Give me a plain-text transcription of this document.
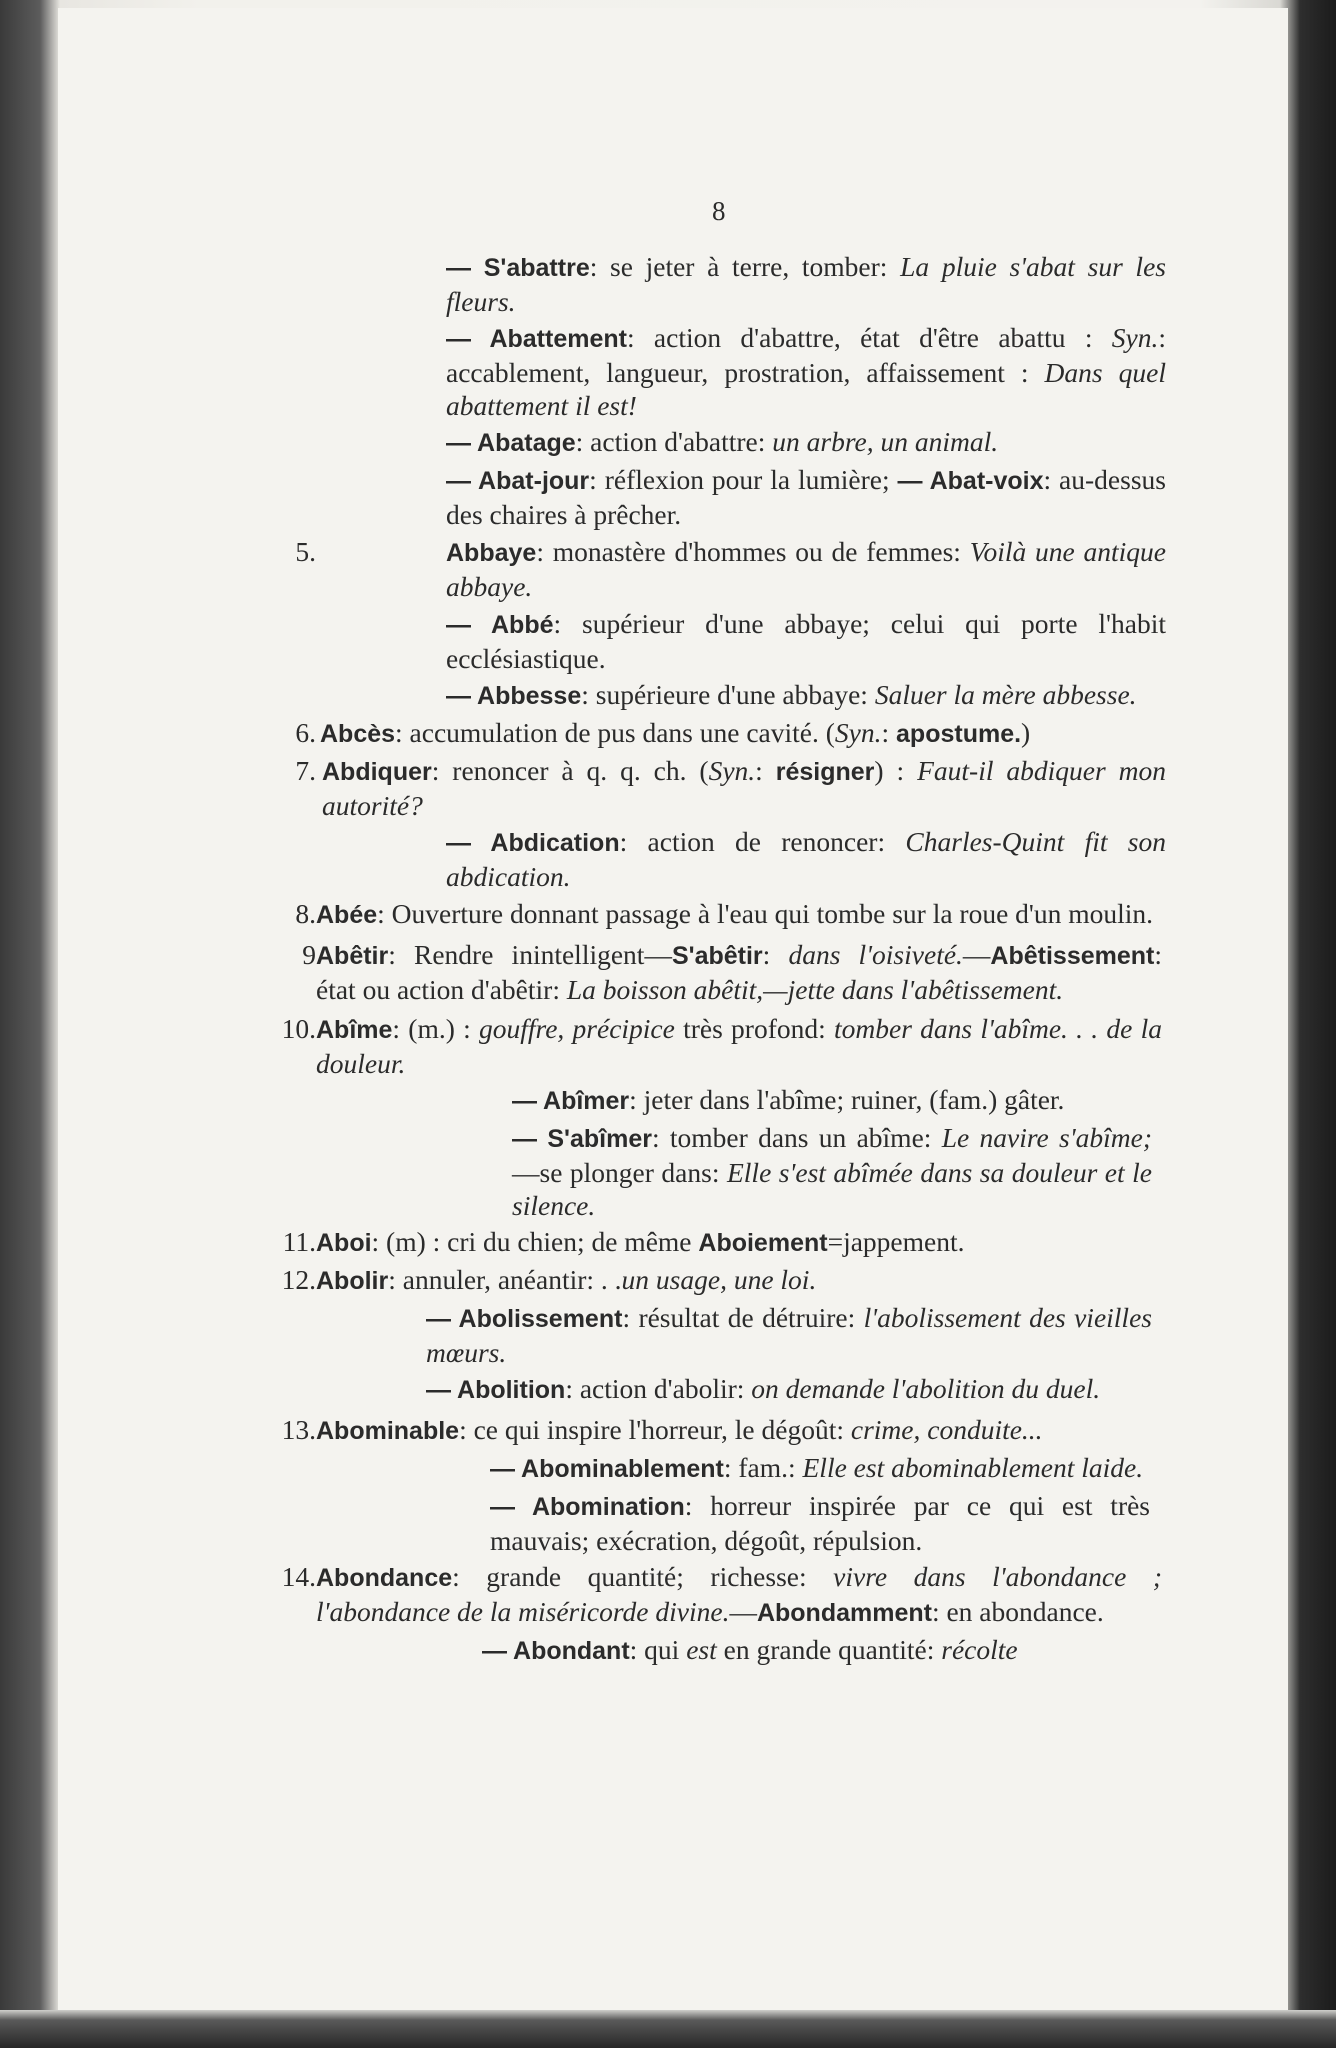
8
— S'abattre: se jeter à terre, tomber: La pluie s'abat sur les fleurs.
— Abattement: action d'abattre, état d'être abattu : Syn.: accablement, langueur, prostration, affaissement : Dans quel abattement il est!
— Abatage: action d'abattre: un arbre, un animal.
— Abat-jour: réflexion pour la lumière; — Abat-voix: au-dessus des chaires à prêcher.
5.	Abbaye: monastère d'hommes ou de femmes: Voilà une antique abbaye.
— Abbé: supérieur d'une abbaye; celui qui porte l'habit ecclésiastique.
— Abbesse: supérieure d'une abbaye: Saluer la mère abbesse.
6. Abcès: accumulation de pus dans une cavité. (Syn.: apostume.)
7. Abdiquer: renoncer à q. q. ch. (Syn.: résigner) : Faut-il abdiquer mon autorité?
— Abdication: action de renoncer: Charles-Quint fit son abdication.
8. Abée: Ouverture donnant passage à l'eau qui tombe sur la roue d'un moulin.
9 Abêtir: Rendre inintelligent—S'abêtir: dans l'oisiveté.—Abêtissement: état ou action d'abêtir: La boisson abêtit,—jette dans l'abêtissement.
10. Abîme: (m.) : gouffre, précipice très profond: tomber dans l'abîme. . . de la douleur.
— Abîmer: jeter dans l'abîme; ruiner, (fam.) gâter.
— S'abîmer: tomber dans un abîme: Le navire s'abîme;—se plonger dans: Elle s'est abîmée dans sa douleur et le silence.
11. Aboi: (m) : cri du chien; de même Aboiement=jappement.
12. Abolir: annuler, anéantir: . .un usage, une loi.
— Abolissement: résultat de détruire: l'abolissement des vieilles mœurs.
— Abolition: action d'abolir: on demande l'abolition du duel.
13. Abominable: ce qui inspire l'horreur, le dégoût: crime, conduite...
— Abominablement: fam.: Elle est abominablement laide.
— Abomination: horreur inspirée par ce qui est très mauvais; exécration, dégoût, répulsion.
14. Abondance: grande quantité; richesse: vivre dans l'abondance ; l'abondance de la miséricorde divine.—Abondamment: en abondance.
— Abondant: qui est en grande quantité: récolte
